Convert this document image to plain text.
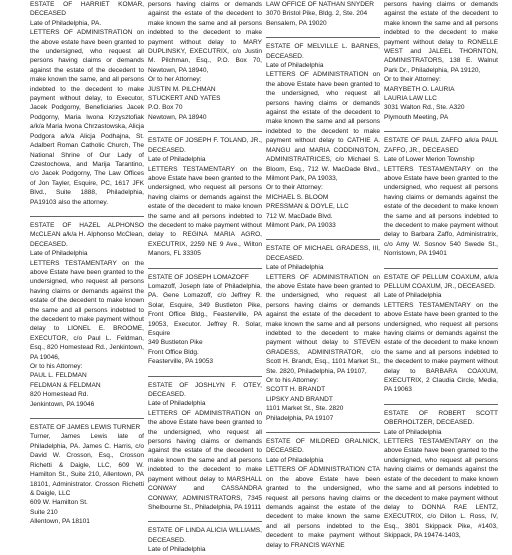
ESTATE OF HARRIET KOMAR, DECEASED

Late of Philadelphia, PA.

LETTERS OF ADMINISTRATION on the above estate have been granted to the undersigned, who request all persons having claims or demands against the estate of the decedent to make known the same, and all persons indebted to the decedent to make payment without delay, to Executor, Jacek Podgorny, Beneficiaries Jacek Podgorny, Maria Iwona Krzysztofiak a/k/a Maria Iwona Chrzastowska, Alicja Podgora a/k/a Alicja Podhajna, St. Adalbert Roman Catholic Church, The National Shrine of Our Lady of Czestochowa, and Marija Tarantino, c/o Jacek Podgorny, The Law Offices of Jon Tayler, Esquire, PC, 1617 JFK Blvd., Suite 1888, Philadelphia, PA19103 also the attorney.

ESTATE OF HAZEL ALPHONSO McCLEAN a/k/a H. Alphonso McClean, DECEASED.

Late of Philadelphia

LETTERS TESTAMENTARY on the above Estate have been granted to the undersigned, who request all persons having claims or demands against the estate of the decedent to make known the same and all persons indebted to the decedent to make payment without delay to LIONEL E. BROOME, EXECUTOR, c/o Paul L. Feldman, Esq., 820 Homestead Rd., Jenkintown, PA 19046,

Or to his Attorney:

PAUL L. FELDMAN

FELDMAN & FELDMAN

820 Homestead Rd.

Jenkintown, PA 19046

ESTATE OF JAMES LEWIS TURNER

Turner, James Lewis late of Philadelphia, PA. James C. Harris, c/o David W. Crosson, Esq., Crosson Richetti & Daigle, LLC, 609 W. Hamilton St., Suite 210, Allentown, PA 18101, Administrator. Crosson Richetti & Daigle, LLC

609 W. Hamilton St.

Suite 210

Allentown, PA 18101

persons having claims or demands against the estate of the decedent to make known the same and all persons indebted to the decedent to make payment without delay to MARY DUPLINSKY, EXECUTRIX, c/o Justin M. Pilchman, Esq., P.O. Box 70, Newtown, PA 18940,

Or to her Attorney:

JUSTIN M. PILCHMAN

STUCKERT AND YATES

P.O. Box 70

Newtown, PA 18940

ESTATE OF JOSEPH F. TOLAND, JR., DECEASED.

Late of Philadelphia

LETTERS TESTAMENTARY on the above Estate have been granted to the undersigned, who request all persons having claims or demands against the estate of the decedent to make known the same and all persons indebted to the decedent to make payment without delay to REGINA MARIA AGRO, EXECUTRIX, 2259 NE 9 Ave., Wilton Manors, FL 33305

ESTATE OF JOSEPH LOMAZOFF

Lomazoff, Joseph late of Philadelphia, PA. Gene Lomazoff, c/o Jeffrey R. Solar, Esquire, 349 Bustleton Pike, Front Office Bldg., Feasterville, PA 19053, Executor. Jeffrey R. Solar, Esquire

349 Bustleton Pike

Front Office Bldg.

Feasterville, PA 19053

ESTATE OF JOSHLYN F. OTEY, DECEASED.

Late of Philadelphia

LETTERS OF ADMINISTRATION on the above Estate have been granted to the undersigned, who request all persons having claims or demands against the estate of the decedent to make known the same and all persons indebted to the decedent to make payment without delay to MARSHALL CONWAY and CASSANDRA CONWAY, ADMINISTRATORS, 7345 Shelbourne St., Philadelphia, PA 19111

ESTATE OF LINDA ALICIA WILLIAMS, DECEASED.

Late of Philadelphia

LAW OFFICE OF NATHAN SNYDER

3070 Bristol Pike, Bldg. 2, Ste. 204

Bensalem, PA 19020

ESTATE OF MELVILLE L. BARNES, DECEASED.

Late of Philadelphia

LETTERS OF ADMINISTRATION on the above Estate have been granted to the undersigned, who request all persons having claims or demands against the estate of the decedent to make known the same and all persons indebted to the decedent to make payment without delay to CATHIE A. MANGU and MARIA CODDINGTON, ADMINISTRATRICES, c/o Michael S. Bloom, Esq., 712 W. MacDade Blvd., Milmont Park, PA 19033,

Or to their Attorney:

MICHAEL S. BLOOM

PRESSMAN & DOYLE, LLC

712 W. MacDade Blvd.

Milmont Park, PA 19033

ESTATE OF MICHAEL GRADESS, III, DECEASED.

Late of Philadelphia

LETTERS OF ADMINISTRATION on the above Estate have been granted to the undersigned, who request all persons having claims or demands against the estate of the decedent to make known the same and all persons indebted to the decedent to make payment without delay to STEVEN GRADESS, ADMINISTRATOR, c/o Scott H. Brandt, Esq., 1101 Market St., Ste. 2820, Philadelphia, PA 19107,

Or to his Attorney:

SCOTT H. BRANDT

LIPSKY AND BRANDT

1101 Market St., Ste. 2820

Philadelphia, PA 19107

ESTATE OF MILDRED GRALNICK, DECEASED.

Late of Philadelphia

LETTERS OF ADMINISTRATION CTA on the above Estate have been granted to the undersigned, who request all persons having claims or demands against the estate of the decedent to make known the same and all persons indebted to the decedent to make payment without delay to FRANCIS WAYNE

persons having claims or demands against the estate of the decedent to make known the same and all persons indebted to the decedent to make payment without delay to RONELLE WEST and JALEEL THORNTON, ADMINISTRATORS, 138 E. Walnut Park Dr., Philadelphia, PA 19120,

Or to their Attorney:

MARYBETH O. LAURIA

LAURIA LAW LLC

3031 Walton Rd., Ste. A320

Plymouth Meeting, PA

ESTATE OF PAUL ZAFFO a/k/a PAUL ZAFFO, JR., DECEASED

Late of Lower Merion Township

LETTERS TESTAMENTARY on the above Estate have been granted to the undersigned, who request all persons having claims or demands against the estate of the decedent to make known the same and all persons indebted to the decedent to make payment without delay to Barbara Zaffo, Administratrix, c/o Amy W. Sosnov 540 Swede St., Norristown, PA 19401

ESTATE OF PELLUM COAXUM, a/k/a PELLUM COAXUM, JR., DECEASED.

Late of Philadelphia

LETTERS TESTAMENTARY on the above Estate have been granted to the undersigned, who request all persons having claims or demands against the estate of the decedent to make known the same and all persons indebted to the decedent to make payment without delay to BARBARA COAXUM, EXECUTRIX, 2 Claudia Circle, Media, PA 19063

ESTATE OF ROBERT SCOTT OBERHOLTZER, DECEASED.

Late of Philadelphia

LETTERS TESTAMENTARY on the above Estate have been granted to the undersigned, who request all persons having claims or demands against the estate of the decedent to make known the same and all persons indebted to the decedent to make payment without delay to DONNA RAE LENTZ, EXECUTRIX, c/o Dillon L. Ross, IV, Esq., 3801 Skippack Pike, #1403, Skippack, PA 19474-1403,
